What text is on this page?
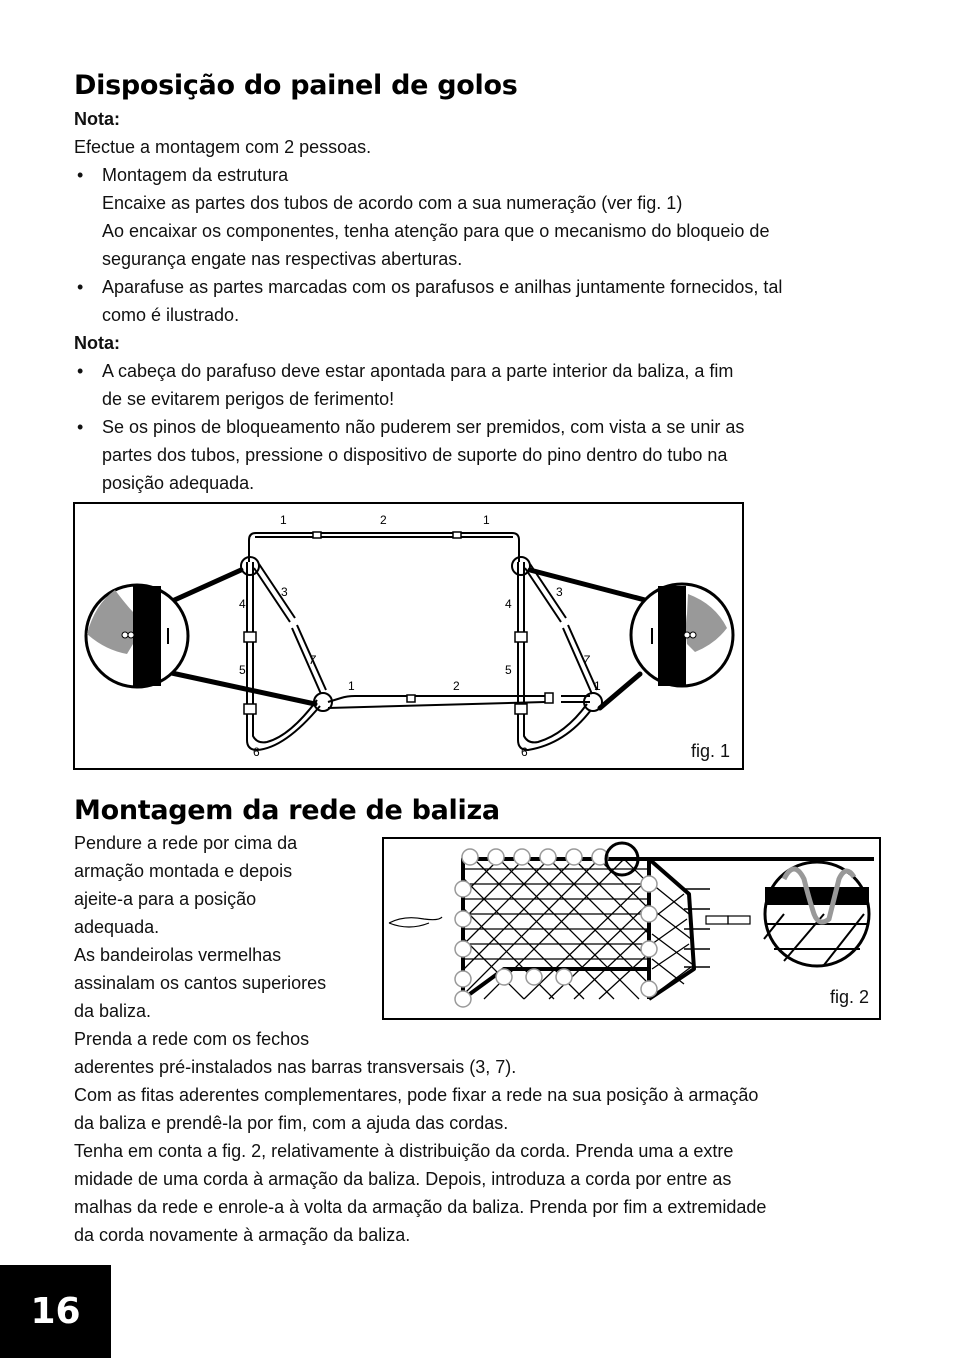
Disposição do painel de golos
Nota:
Efectue a montagem com 2 pessoas.
• Montagem da estrutura
Encaixe as partes dos tubos de acordo com a sua numeração (ver fig. 1)
Ao encaixar os componentes, tenha atenção para que o mecanismo do bloqueio de
segurança engate nas respectivas aberturas.
• Aparafuse as partes marcadas com os parafusos e anilhas juntamente fornecidos, tal
como é ilustrado.
Nota:
• A cabeça do parafuso deve estar apontada para a parte interior da baliza, a fim
de se evitarem perigos de ferimento!
• Se os pinos de bloqueamento não puderem ser premidos, com vista a se unir as
partes dos tubos, pressione o dispositivo de suporte do pino dentro do tubo na
posição adequada.
1	2	1
3
4
5
7
6
1	2	1
3
4
5
7
6	fig. 1
Montagem da rede de baliza
Pendure a rede por cima da
armação montada e depois
ajeite-a para a posição
adequada.
As bandeirolas vermelhas
assinalam os cantos superiores
da baliza.
Prenda a rede com os fechos
aderentes pré-instalados nas barras transversais (3, 7).
Com as fitas aderentes complementares, pode fixar a rede na sua posição à armação
da baliza e prendê-la por fim, com a ajuda das cordas.
Tenha em conta a fig. 2, relativamente à distribuição da corda. Prenda uma a extre
midade de uma corda à armação da baliza. Depois, introduza a corda por entre as
malhas da rede e enrole-a à volta da armação da baliza. Prenda por fim a extremidade
da corda novamente à armação da baliza.
fig. 2
16
